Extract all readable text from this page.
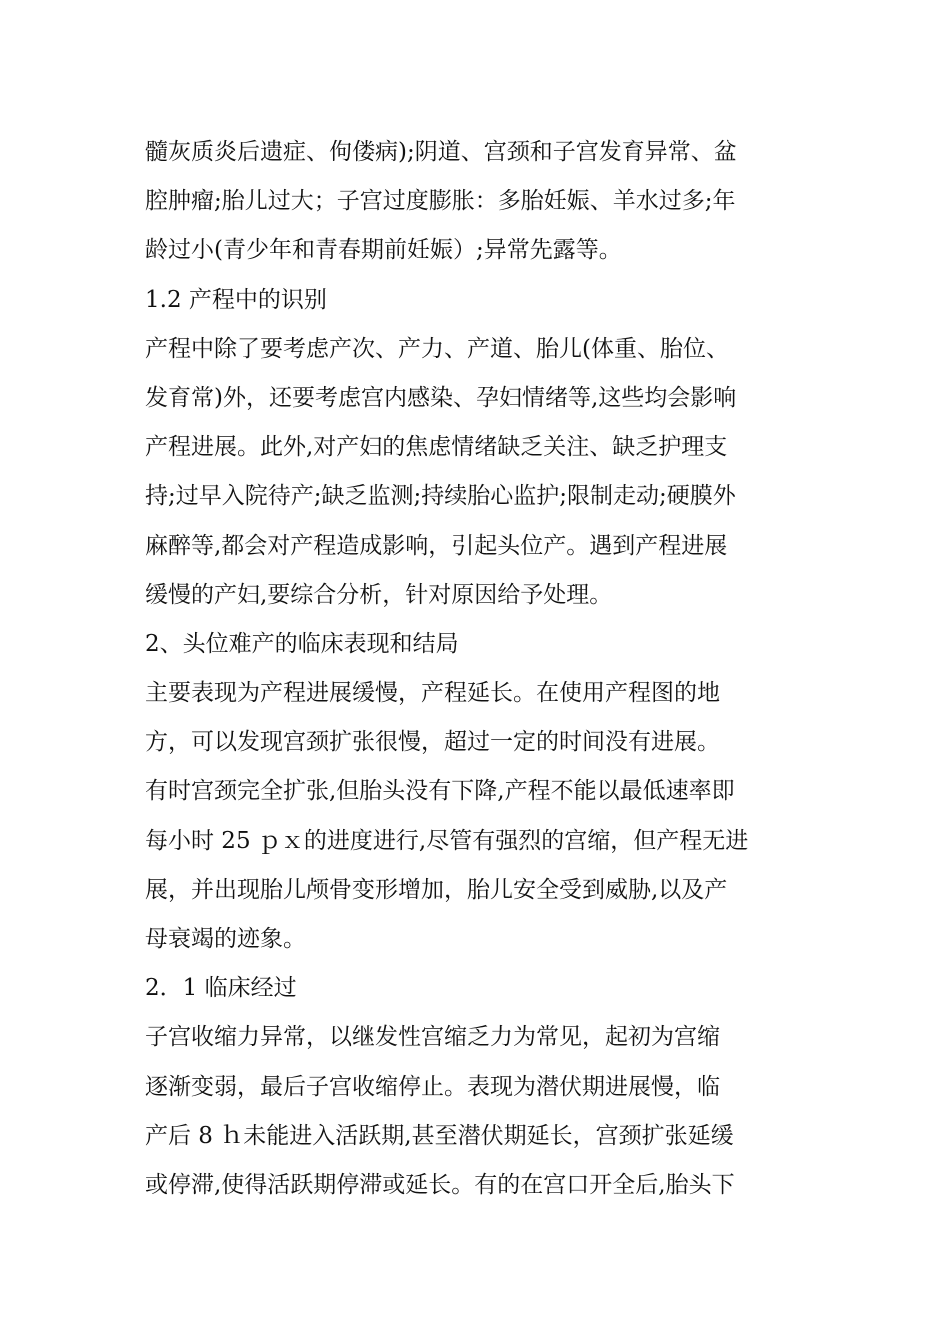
髓灰质炎后遗症、佝偻病);阴道、宫颈和子宫发育异常、盆
腔肿瘤;胎儿过大；子宫过度膨胀：多胎妊娠、羊水过多;年
龄过小(青少年和青春期前妊娠）;异常先露等。
1.2 产程中的识别
产程中除了要考虑产次、产力、产道、胎儿(体重、胎位、
发育常)外，还要考虑宫内感染、孕妇情绪等,这些均会影响
产程进展。此外,对产妇的焦虑情绪缺乏关注、缺乏护理支
持;过早入院待产;缺乏监测;持续胎心监护;限制走动;硬膜外
麻醉等,都会对产程造成影响，引起头位产。遇到产程进展
缓慢的产妇,要综合分析，针对原因给予处理。
2、头位难产的临床表现和结局
主要表现为产程进展缓慢，产程延长。在使用产程图的地
方，可以发现宫颈扩张很慢，超过一定的时间没有进展。
有时宫颈完全扩张,但胎头没有下降,产程不能以最低速率即
每小时 25 ｐｘ的进度进行,尽管有强烈的宫缩，但产程无进
展，并出现胎儿颅骨变形增加，胎儿安全受到威胁,以及产
母衰竭的迹象。
2．1 临床经过
子宫收缩力异常，以继发性宫缩乏力为常见，起初为宫缩
逐渐变弱，最后子宫收缩停止。表现为潜伏期进展慢，临
产后 8 ｈ未能进入活跃期,甚至潜伏期延长，宫颈扩张延缓
或停滞,使得活跃期停滞或延长。有的在宫口开全后,胎头下
